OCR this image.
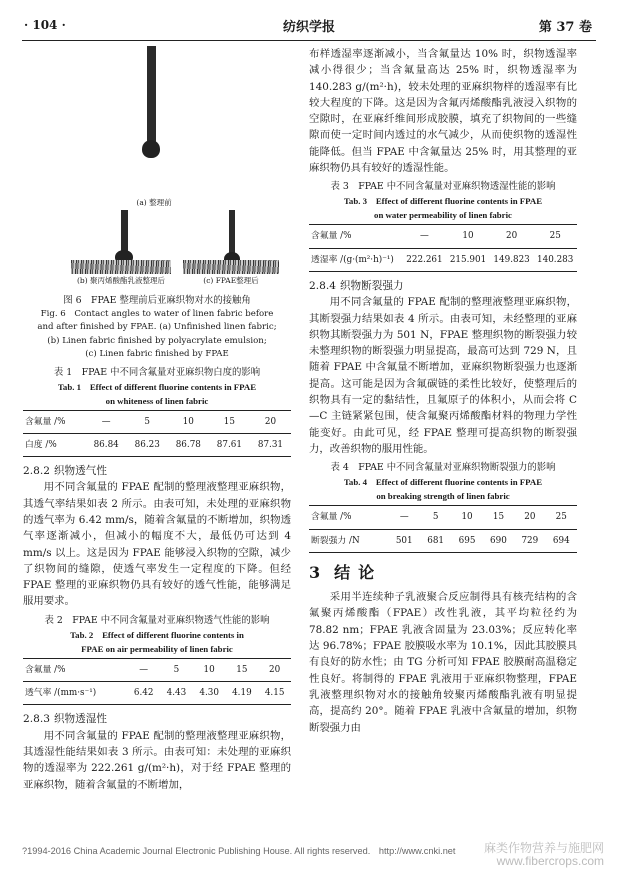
· 104 ·	纺织学报	第 37 卷
(a) 整理前
(b) 聚丙烯酸酯乳液整理后	(c) FPAE整理后
图 6　FPAE 整理前后亚麻织物对水的接触角
Fig. 6　Contact angles to water of linen fabric before
and after finished by FPAE. (a) Unfinished linen fabric;
(b) Linen fabric finished by polyacrylate emulsion;
(c) Linen fabric finished by FPAE
表 1　FPAE 中不同含氟量对亚麻织物白度的影响
Tab. 1　Effect of different fluorine contents in FPAE
on whiteness of linen fabric
含氟量 /%	—	5	10	15	20
白度 /%	86.84	86.23	86.78	87.61	87.31
2.8.2 织物透气性

用不同含氟量的 FPAE 配制的整理液整理亚麻织物，其透气率结果如表 2 所示。由表可知，未处理的亚麻织物的透气率为 6.42 mm/s，随着含氟量的不断增加，织物透气率逐渐减小，但减小的幅度不大，最低仍可达到 4 mm/s 以上。这是因为 FPAE 能够浸入织物的空隙，减少了织物间的缝隙，使透气率发生一定程度的下降。但经 FPAE 整理的亚麻织物仍具有较好的透气性能，能够满足服用要求。

表 2　FPAE 中不同含氟量对亚麻织物透气性能的影响
Tab. 2　Effect of different fluorine contents in
FPAE on air permeability of linen fabric
含氟量 /%	—	5	10	15	20
透气率 /(mm·s⁻¹)	6.42	4.43	4.30	4.19	4.15
2.8.3 织物透湿性

用不同含氟量的 FPAE 配制的整理液整理亚麻织物，其透湿性能结果如表 3 所示。由表可知：未处理的亚麻织物的透湿率为 222.261 g/(m²·h)，对于经 FPAE 整理的亚麻织物，随着含氟量的不断增加，

布样透湿率逐渐减小，当含氟量达 10% 时，织物透湿率减小得很少；当含氟量高达 25% 时，织物透湿率为 140.283 g/(m²·h)，较未处理的亚麻织物样的透湿率有比较大程度的下降。这是因为含氟丙烯酸酯乳液浸入织物的空隙时，在亚麻纤维间形成胶膜，填充了织物间的一些缝隙而使一定时间内透过的水气减少，从而使织物的透湿性能降低。但当 FPAE 中含氟量达 25% 时，用其整理的亚麻织物仍具有较好的透湿性能。

表 3　FPAE 中不同含氟量对亚麻织物透湿性能的影响
Tab. 3　Effect of different fluorine contents in FPAE
on water permeability of linen fabric
含氟量 /%	—	10	20	25
透湿率 /(g·(m²·h)⁻¹)	222.261	215.901	149.823	140.283
2.8.4 织物断裂强力

用不同含氟量的 FPAE 配制的整理液整理亚麻织物，其断裂强力结果如表 4 所示。由表可知，未经整理的亚麻织物其断裂强力为 501 N，FPAE 整理织物的断裂强力较未整理织物的断裂强力明显提高，最高可达到 729 N，且随着 FPAE 中含氟量不断增加，亚麻织物断裂强力也逐渐提高。这可能是因为含氟碳链的柔性比较好，使整理后的织物具有一定的黏结性，且氟原子的体积小，从而会将 C—C 主链紧紧包围，使含氟聚丙烯酸酯材料的物理力学性能变好。由此可见，经 FPAE 整理可提高织物的断裂强力，改善织物的服用性能。

表 4　FPAE 中不同含氟量对亚麻织物断裂强力的影响
Tab. 4　Effect of different fluorine contents in FPAE
on breaking strength of linen fabric
含氟量 /%	—	5	10	15	20	25
断裂强力 /N	501	681	695	690	729	694
3 结论

采用半连续种子乳液聚合反应制得具有核壳结构的含氟聚丙烯酸酯（FPAE）改性乳液，其平均粒径约为 78.82 nm；FPAE 乳液含固量为 23.03%；反应转化率达 96.78%；FPAE 胶膜吸水率为 10.1%，因此其胶膜具有良好的防水性；由 TG 分析可知 FPAE 胶膜耐高温稳定性良好。将制得的 FPAE 乳液用于亚麻织物整理，FPAE 乳液整理织物对水的接触角较聚丙烯酸酯乳液有明显提高，提高约 20°。随着 FPAE 乳液中含氟量的增加，织物断裂强力由

?1994-2016 China Academic Journal Electronic Publishing House. All rights reserved. http://www.cnki.net 麻类作物营养与施肥网
www.fibercrops.com
